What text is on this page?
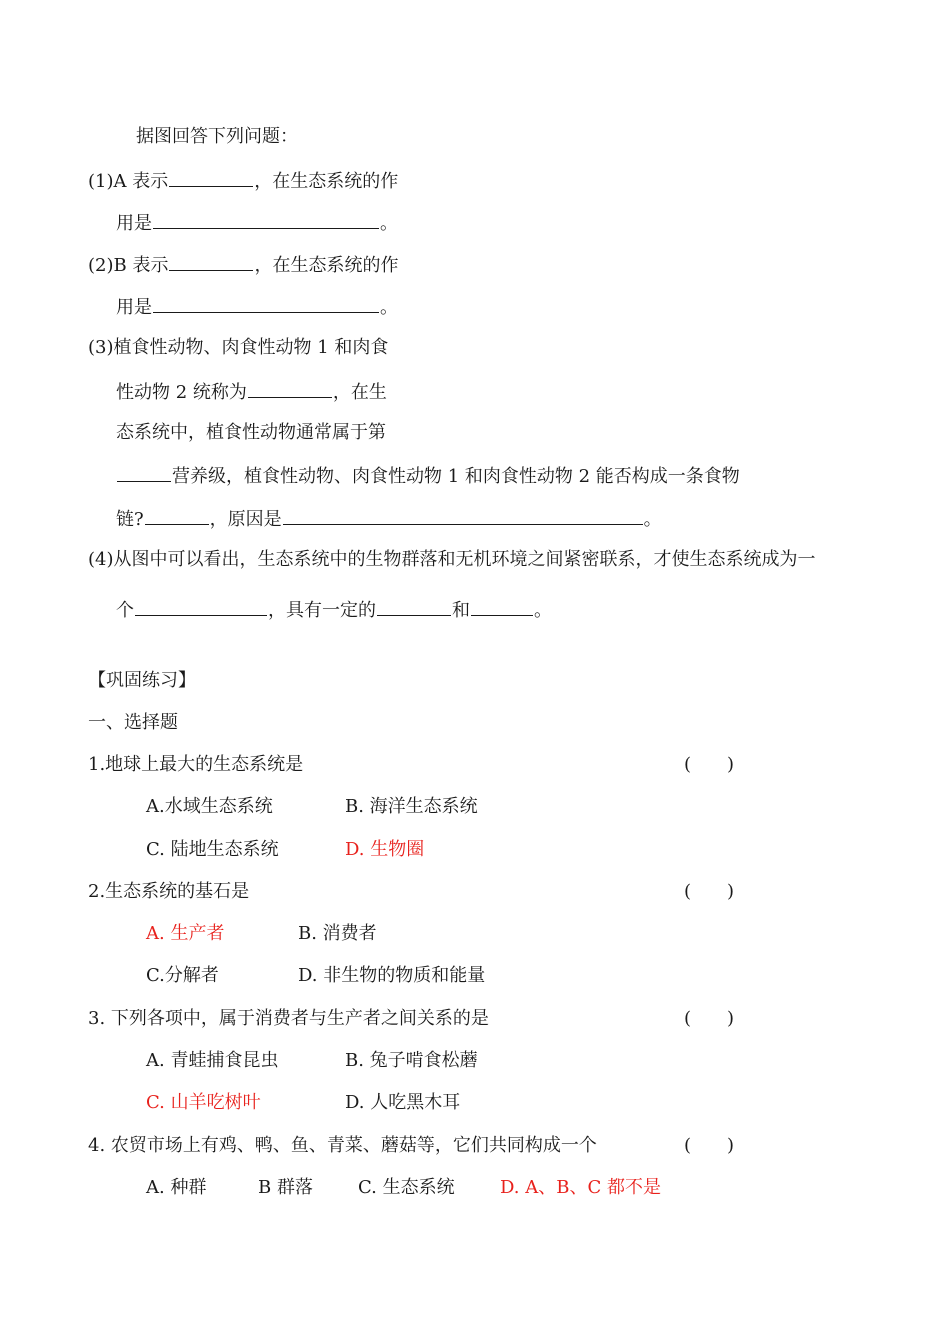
据图回答下列问题：
(1)A 表示	，在生态系统的作
用是	。
(2)B 表示	，在生态系统的作
用是	。
(3)植食性动物、肉食性动物 1 和肉食
性动物 2 统称为	，在生
态系统中，植食性动物通常属于第
营养级，植食性动物、肉食性动物 1 和肉食性动物 2 能否构成一条食物
链?	，原因是	。
(4)从图中可以看出，生态系统中的生物群落和无机环境之间紧密联系，才使生态系统成为一
个	，具有一定的	和	。
【巩固练习】
一、选择题
1.地球上最大的生态系统是	(　　)
A.水域生态系统	B. 海洋生态系统
C. 陆地生态系统	D. 生物圈
2.生态系统的基石是	(　　)
A. 生产者	B. 消费者
C.分解者	D. 非生物的物质和能量
3. 下列各项中，属于消费者与生产者之间关系的是	(　　)
A. 青蛙捕食昆虫	B. 兔子啃食松蘑
C. 山羊吃树叶	D. 人吃黑木耳
4. 农贸市场上有鸡、鸭、鱼、青菜、蘑菇等，它们共同构成一个	(　　)
A. 种群	B 群落	C. 生态系统	D. A、B、C 都不是
